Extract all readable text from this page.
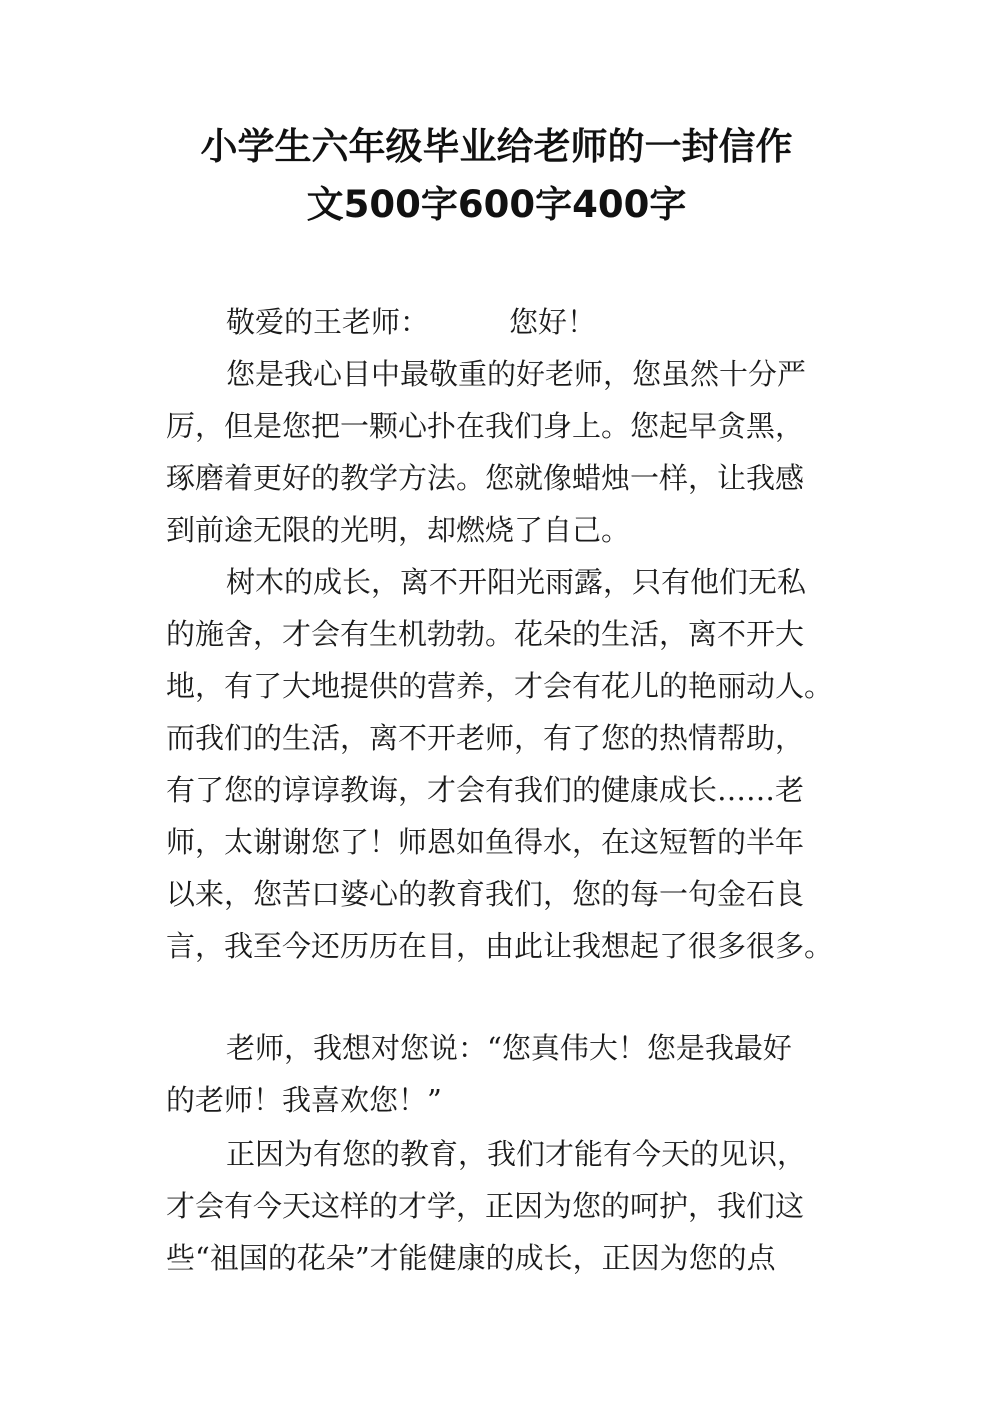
小学生六年级毕业给老师的一封信作
文500字600字400字
敬爱的王老师：	您好！
您是我心目中最敬重的好老师，您虽然十分严
厉，但是您把一颗心扑在我们身上。您起早贪黑，
琢磨着更好的教学方法。您就像蜡烛一样，让我感
到前途无限的光明，却燃烧了自己。
树木的成长，离不开阳光雨露，只有他们无私
的施舍，才会有生机勃勃。花朵的生活，离不开大
地，有了大地提供的营养，才会有花儿的艳丽动人。
而我们的生活，离不开老师，有了您的热情帮助，
有了您的谆谆教诲，才会有我们的健康成长……老
师，太谢谢您了！师恩如鱼得水，在这短暂的半年
以来，您苦口婆心的教育我们，您的每一句金石良
言，我至今还历历在目，由此让我想起了很多很多。
老师，我想对您说：“您真伟大！您是我最好
的老师！我喜欢您！”
正因为有您的教育，我们才能有今天的见识，
才会有今天这样的才学，正因为您的呵护，我们这
些“祖国的花朵”才能健康的成长，正因为您的点
